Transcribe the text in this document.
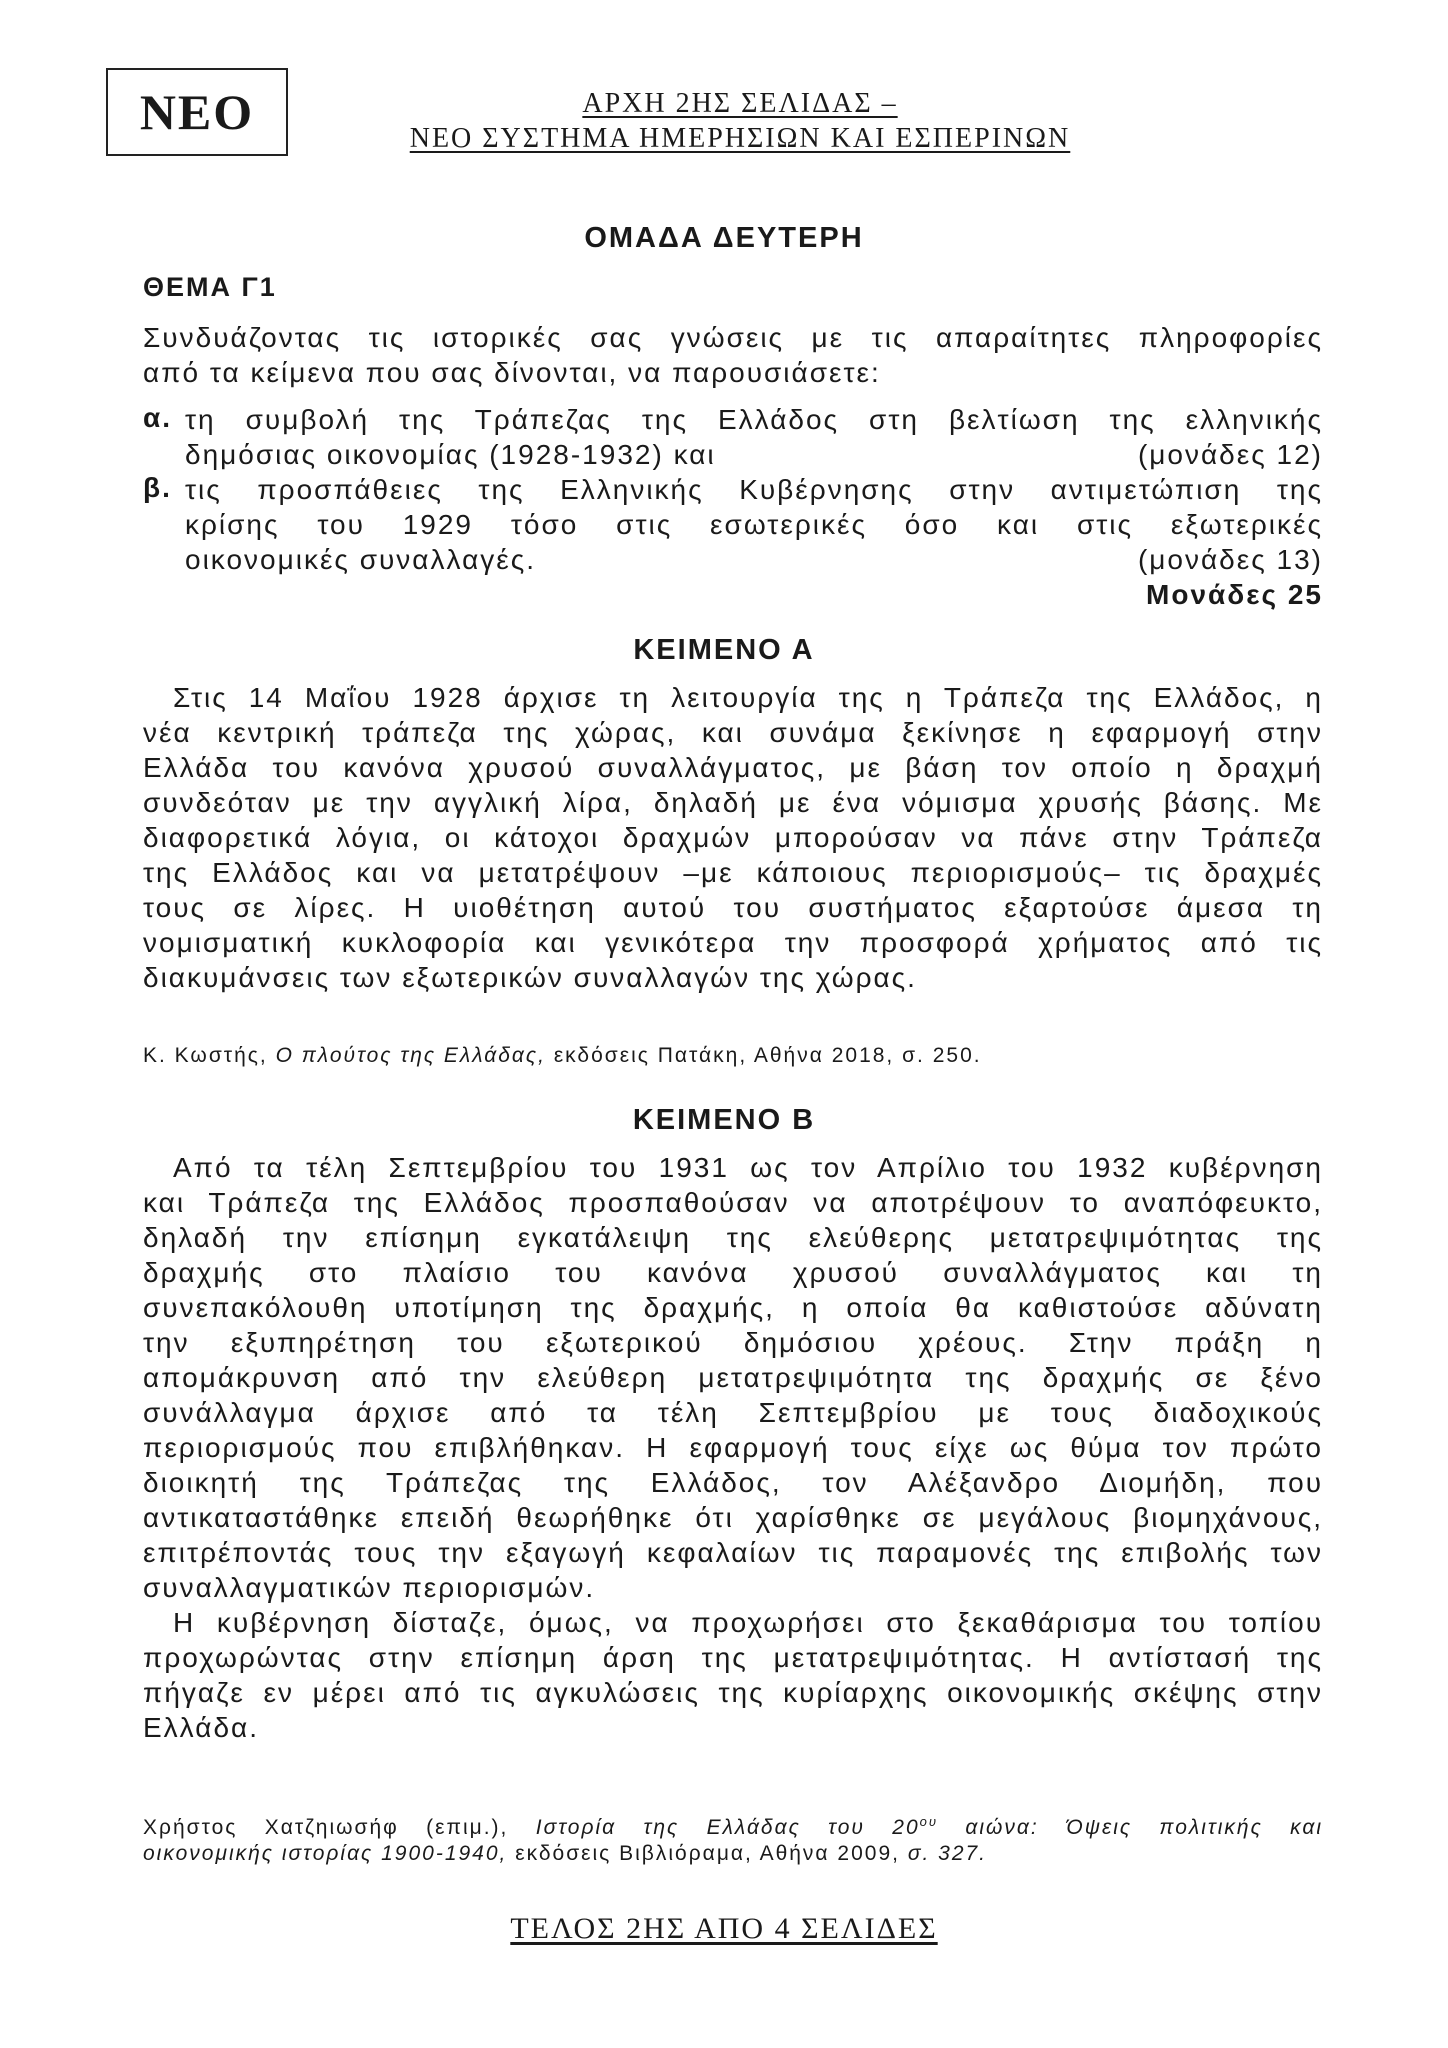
ΝΕΟ	ΑΡΧΗ 2ΗΣ ΣΕΛΙΔΑΣ –
ΝΕΟ ΣΥΣΤΗΜΑ ΗΜΕΡΗΣΙΩΝ ΚΑΙ ΕΣΠΕΡΙΝΩΝ
ΟΜΑΔΑ ΔΕΥΤΕΡΗ
ΘΕΜΑ Γ1
Συνδυάζοντας τις ιστορικές σας γνώσεις με τις απαραίτητες πληροφορίες
από τα κείμενα που σας δίνονται, να παρουσιάσετε:
α. τη συμβολή της Τράπεζας της Ελλάδος στη βελτίωση της ελληνικής
δημόσιας οικονομίας (1928-1932) και	(μονάδες 12)
β. τις προσπάθειες της Ελληνικής Κυβέρνησης στην αντιμετώπιση της
κρίσης του 1929 τόσο στις εσωτερικές όσο και στις εξωτερικές
οικονομικές συναλλαγές.	(μονάδες 13)
Μονάδες 25
ΚΕΙΜΕΝΟ Α
Στις 14 Μαΐου 1928 άρχισε τη λειτουργία της η Τράπεζα της Ελλάδος, η
νέα κεντρική τράπεζα της χώρας, και συνάμα ξεκίνησε η εφαρμογή στην
Ελλάδα του κανόνα χρυσού συναλλάγματος, με βάση τον οποίο η δραχμή
συνδεόταν με την αγγλική λίρα, δηλαδή με ένα νόμισμα χρυσής βάσης. Με
διαφορετικά λόγια, οι κάτοχοι δραχμών μπορούσαν να πάνε στην Τράπεζα
της Ελλάδος και να μετατρέψουν –με κάποιους περιορισμούς– τις δραχμές
τους σε λίρες. Η υιοθέτηση αυτού του συστήματος εξαρτούσε άμεσα τη
νομισματική κυκλοφορία και γενικότερα την προσφορά χρήματος από τις
διακυμάνσεις των εξωτερικών συναλλαγών της χώρας.
Κ. Κωστής, Ο πλούτος της Ελλάδας, εκδόσεις Πατάκη, Αθήνα 2018, σ. 250.
ΚΕΙΜΕΝΟ Β
Από τα τέλη Σεπτεμβρίου του 1931 ως τον Απρίλιο του 1932 κυβέρνηση
και Τράπεζα της Ελλάδος προσπαθούσαν να αποτρέψουν το αναπόφευκτο,
δηλαδή την επίσημη εγκατάλειψη της ελεύθερης μετατρεψιμότητας της
δραχμής στο πλαίσιο του κανόνα χρυσού συναλλάγματος και τη
συνεπακόλουθη υποτίμηση της δραχμής, η οποία θα καθιστούσε αδύνατη
την εξυπηρέτηση του εξωτερικού δημόσιου χρέους. Στην πράξη η
απομάκρυνση από την ελεύθερη μετατρεψιμότητα της δραχμής σε ξένο
συνάλλαγμα άρχισε από τα τέλη Σεπτεμβρίου με τους διαδοχικούς
περιορισμούς που επιβλήθηκαν. Η εφαρμογή τους είχε ως θύμα τον πρώτο
διοικητή της Τράπεζας της Ελλάδος, τον Αλέξανδρο Διομήδη, που
αντικαταστάθηκε επειδή θεωρήθηκε ότι χαρίσθηκε σε μεγάλους βιομηχάνους,
επιτρέποντάς τους την εξαγωγή κεφαλαίων τις παραμονές της επιβολής των
συναλλαγματικών περιορισμών.
Η κυβέρνηση δίσταζε, όμως, να προχωρήσει στο ξεκαθάρισμα του τοπίου
προχωρώντας στην επίσημη άρση της μετατρεψιμότητας. Η αντίστασή της
πήγαζε εν μέρει από τις αγκυλώσεις της κυρίαρχης οικονομικής σκέψης στην
Ελλάδα.
Χρήστος Χατζηιωσήφ (επιμ.), Ιστορία της Ελλάδας του $20^{o\upsilon}$ αιώνα: Όψεις πολιτικής και
οικονομικής ιστορίας 1900-1940, εκδόσεις Βιβλιόραμα, Αθήνα 2009, σ. 327.
ΤΕΛΟΣ 2ΗΣ ΑΠΟ 4 ΣΕΛΙΔΕΣ
